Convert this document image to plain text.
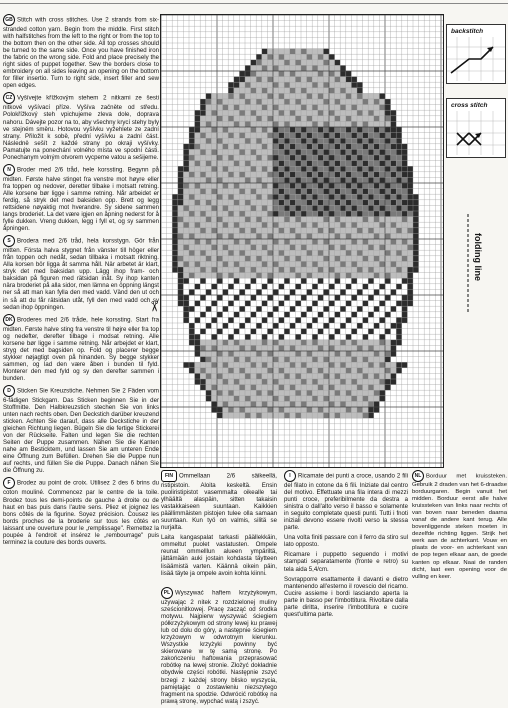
GB Stitch with cross stitches. Use 2 strands from six-stranded cotton yarn. Begin from the middle. First stitch with halfstitches from the left to the right or from the top to the bottom then on the other side. All top crosses should be turned to the same side. Once you have finished iron the fabric on the wrong side. Fold and place precisely the right sides of puppet together. Sew the borders close to embroidery on all sides leaving an opening on the bottom for filler insertio. Turn to right side, insert filler and sew open edges.
CZ Vyšívejte křížkovým stehem 2 nitkami ze šesti nitkové vyšívací příze. Vyšíva začněte od středu. Polokřížkový steh vpichujeme zleva dole, doprava nahoru. Dávejte pozor na to, aby všechny krycí stehy byly ve stejném směru. Hotovou vyšívku vyžehlete ze zadní strany. Přiložit k sobě, přední vyšívku a zadní část. Následně sešít z každé strany po okraji vyšívky. Pamatujte na ponechání volného místa ve spodní části. Ponechanym volným otvorem vycpeme vatou a sešijeme.
N Broder med 2/6 tråd, hele korssting. Begynn på midten. Første halve stinget fra venstre mot høyre eller fra toppen og nedover, deretter tilbake i motsatt retning. Alle korsene bør ligge i samme retning. Når arbeidet er ferdig, så stryk det med baksiden opp. Brett og legg rettsidene nøyaktig mot hverandre. Sy sidene sammen langs broderiet. La det være igjen en åpning nederst for å fylle dukken. Vreng dukken, legg i fyll et, og sy sammen åpningen.
S Brodera med 2/6 tråd, hela korsstygn. Gör från mitten. Första halva stygnet från vänster till höger eller från toppen och nedåt, sedan tillbaka i motsatt riktning. Alla korsen bör ligga åt samma håll. När arbetet är klart, stryk det med baksidan upp. Lägg ihop fram- och baksidan på figuren med rätsidan inåt. Sy ihop kanten nära broderiet på alla sidor, men lämna en öppning längst ner så att man kan fylla den med vadd. Vänd den ut och in så att du får rätsidan utåt, fyll den med vadd och sy sedan ihop öppningen.
DK Broderes med 2/6 tråde, hele korssting. Start fra midten. Første halve sting fra venstre til højre eller fra top og nedefter, derefter tilbage i modsat retning. Alle korsene bør ligge i samme retning. Når arbejdet er klart, stryg det med bagsiden op. Fold og placerer begge stykker nøjagtigt oven på hinanden. Sy begge stykker sammen, og lad den være åben i bunden til fyld. Monterer den med fyld og sy den derefter sammen i bunden.
D Sticken Sie Kreuzstiche. Nehmen Sie 2 Fäden vom 6-fädigen Stickgarn. Das Sticken beginnen Sie in der Stoffmitte. Den Halbkreuzstich stechen Sie von links unten nach rechts oben. Den Deckstich darüber kreuzend sticken. Achten Sie darauf, dass alle Deckstiche in der gleichen Richtung liegen. Bügeln Sie die fertige Stickerei von der Rückseite. Falten und legen Sie die rechten Seiten der Puppe zusammen. Nähen Sie die Kanten nahe am Besticktem, und lassen Sie am unteren Ende eine Öffnung zum Befüllen. Drehen Sie die Puppe nun auf rechts, und füllen Sie die Puppe. Danach nähen Sie die Öffnung zu.
F Brodez au point de croix. Utilisez 2 des 6 brins du coton mouliné. Commencez par le centre de la toile. Brodez tous les demi-points de gauche à droite ou de haut en bas puis dans l'autre sens. Pliez et joignez les bons côtés de la figurine. Soyez précision. Cousez les bords proches de la broderie sur tous les côtés en laissant une ouverture pour le „remplissage". Remettez la poupée à l'endroit et insérez le „rembourrage" puis terminez la couture des bords ouverts.
✂
backstitch
cross stitch
folding line
FIN Ommellaan 2/6 säikeellä, ristipistoin. Aloita keskeltä. Ensin puoliristipistot vasemmalta oikealle tai ylhäältä alaspäin, sitten takaisin vastakkaiseen suuntaan. Kaikkien päällimmäisten pistojen tulee olla samaan suuntaan. Kun työ on valmis, silitä se nurjalta.
Laita kangaspalat tarkasti päällekkäin, ommeltut puolet vastatusten. Ompele reunat ommelllun alueen ympäriltä, jättämään auki jostain kohdasta täytteen lisäämistä varten. Käännä oikein päin, lisää täyte ja ompele avoin kohta kiinni.
PL Wyszywać haftem krzyżykowym, używając 2 nitek z rozdzielonej muliny sześcionitkowej. Pracę zacząć od środka motywu. Najpierw wyszywać ściegiem półkrzyżykowym od strony lewej ku prawej lub od dołu do góry, a następnie ściegiem krzyżowym w odwrotnym kierunku. Wszystkie krzyżyki powinny być skierowane w tę samą stronę. Po zakończeniu haftowania przeprasować robótkę na lewej stronie. Złożyć dokładnie obydwie części robótki. Następnie zszyć brzegi z każdej strony blisko wyszycia, pamiętając o zostawieniu niezszytego fragment na spodzie. Odwrócić robótkę na prawą stronę, wypchać watą i zszyć.
I Ricamate dei punti a croce, usando 2 fili del filato in cotone da 6 fili. Iniziate dal centro del motivo. Effettuate una fila intera di mezzi punti croce, preferibilmente da destra a sinistra o dall'alto verso il basso e solamente in seguito completate questi punti. Tutti i fnoti iniziali devono essere rivolti verso la stessa parte.
Una volta finiti passare con il ferro da stiro sul lato opposto.
Ricamare i puppetto seguendo i motivi stampati separatamente (fronte e retro) su tela aida 5,4/cm.
Sovrapporre esattamente il davanti e dietro mantenendo all'esterno il rovescio del ricamo. Cucire assieme i bordi lasciando aperta la parte in basso per l'imbottitura. Rivoltare dalla parte diritta, inserire l'imbottitura e cucire quest'ultima parte.
NL Borduur met kruissteken. Gebruik 2 draden van het 6-draadse borduurgaren. Begin vanuit het midden. Borduur eerst alle halve kruissteken van links naar rechts of van boven naar beneden daarna vanaf de andere kant terug. Alle bovenliggende steken moeten in dezelfde richting liggen. Strijk het werk aan de achterkant. Vouw en plaats de voor- en achterkant van de pop tegen elkaar aan, de goede kanten op elkaar. Naai de randen dicht, laat een opening voor de vulling en keer.
